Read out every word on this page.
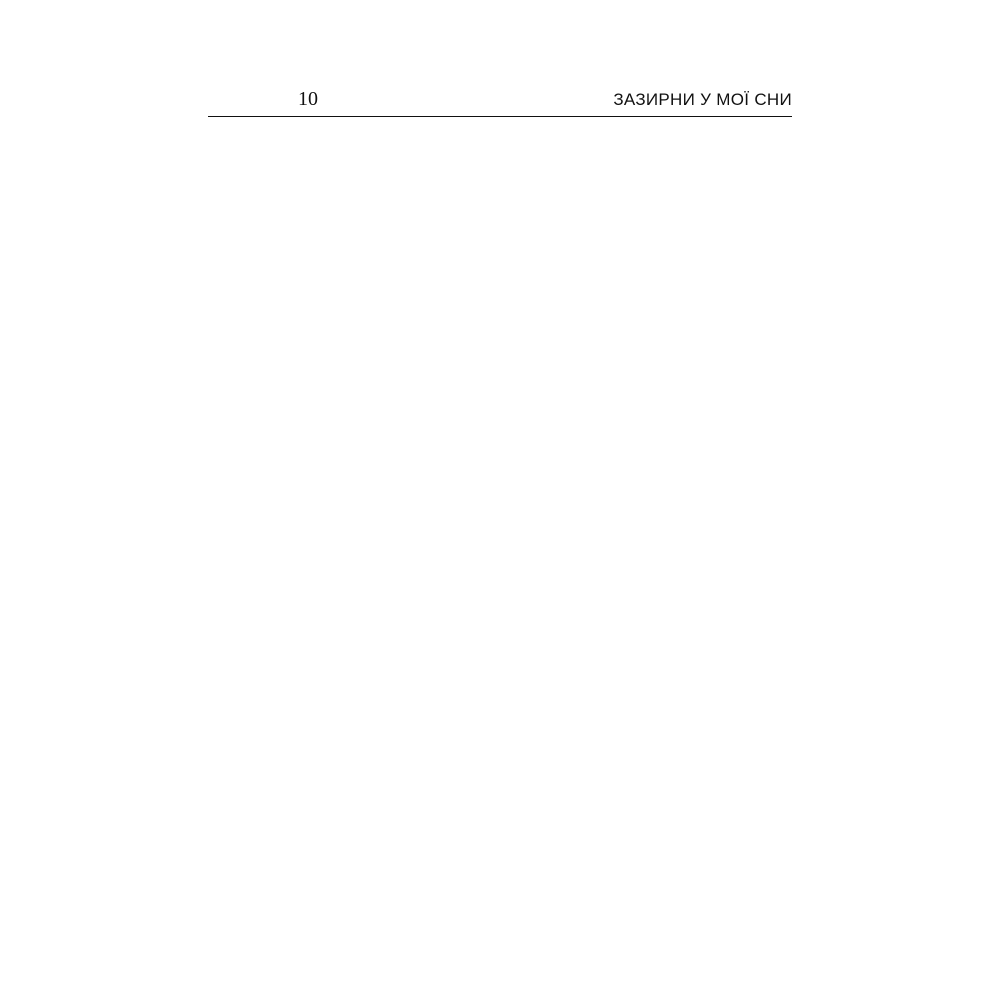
10	ЗАЗИРНИ У МОЇ СНИ
